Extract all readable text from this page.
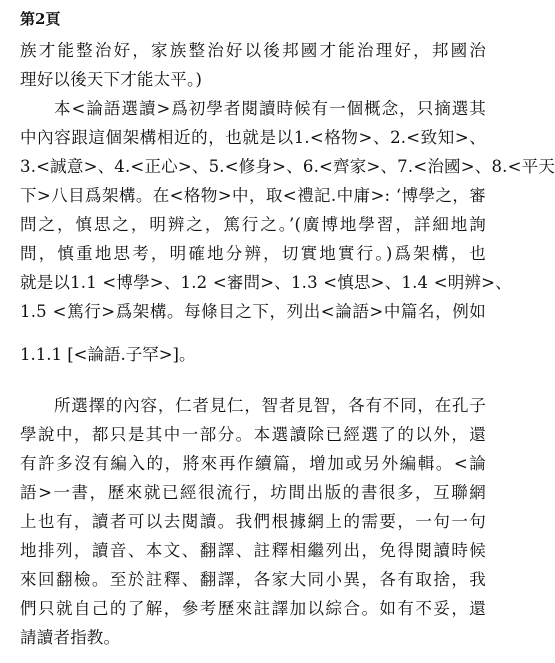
第2頁
族才能整治好，家族整治好以後邦國才能治理好，邦國治
理好以後天下才能太平。)
本<論語選讀>爲初學者閱讀時候有一個概念，只摘選其
中內容跟這個架構相近的，也就是以1.<格物>、2.<致知>、
3.<誠意>、4.<正心>、5.<修身>、6.<齊家>、7.<治國>、8.<平天
下>八目爲架構。在<格物>中，取<禮記.中庸>: ‘博學之，審
問之，慎思之，明辨之，篤行之。’(廣博地學習，詳細地詢
問，慎重地思考，明確地分辨，切實地實行。)爲架構，也
就是以1.1 <博學>、1.2 <審問>、1.3 <慎思>、1.4 <明辨>、
1.5 <篤行>爲架構。每條目之下，列出<論語>中篇名，例如
1.1.1 [<論語.子罕>]。
所選擇的內容，仁者見仁，智者見智，各有不同，在孔子
學說中，都只是其中一部分。本選讀除已經選了的以外，還
有許多沒有編入的，將來再作續篇，增加或另外編輯。<論
語>一書，歷來就已經很流行，坊間出版的書很多，互聯網
上也有，讀者可以去閱讀。我們根據網上的需要，一句一句
地排列，讀音、本文、翻譯、註釋相繼列出，免得閱讀時候
來回翻檢。至於註釋、翻譯，各家大同小異，各有取捨，我
們只就自己的了解，參考歷來註譯加以綜合。如有不妥，還
請讀者指教。
